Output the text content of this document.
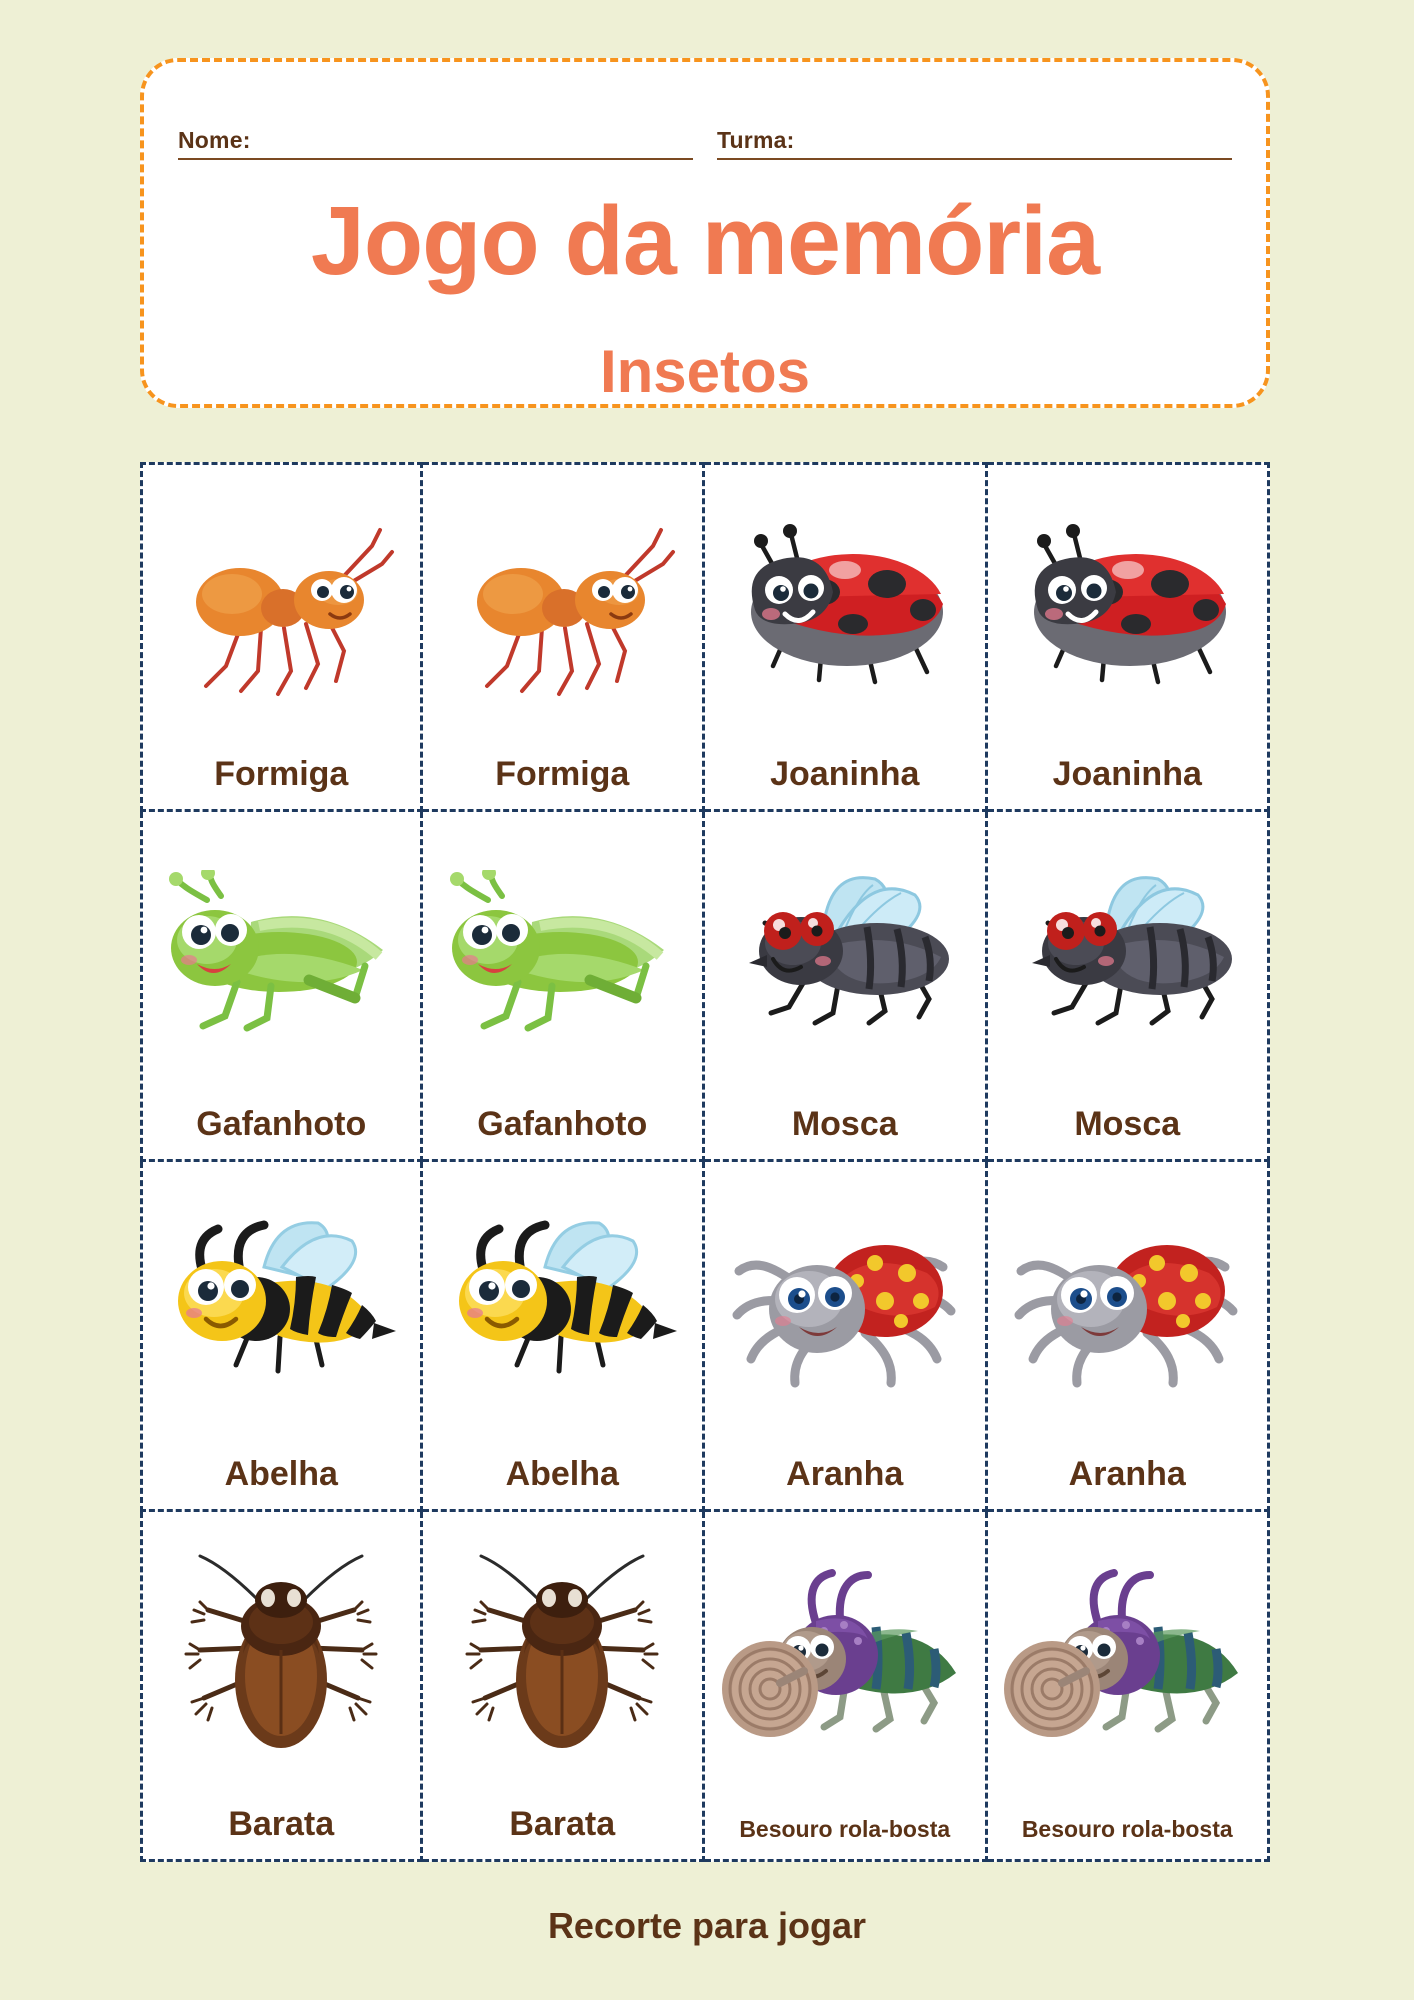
Nome:	Turma:
Jogo da memória
Insetos
Formiga	Formiga	Joaninha	Joaninha
Gafanhoto	Gafanhoto	Mosca	Mosca
Abelha	Abelha	Aranha	Aranha
Barata	Barata	Besouro rola-bosta	Besouro rola-bosta
Recorte para jogar
